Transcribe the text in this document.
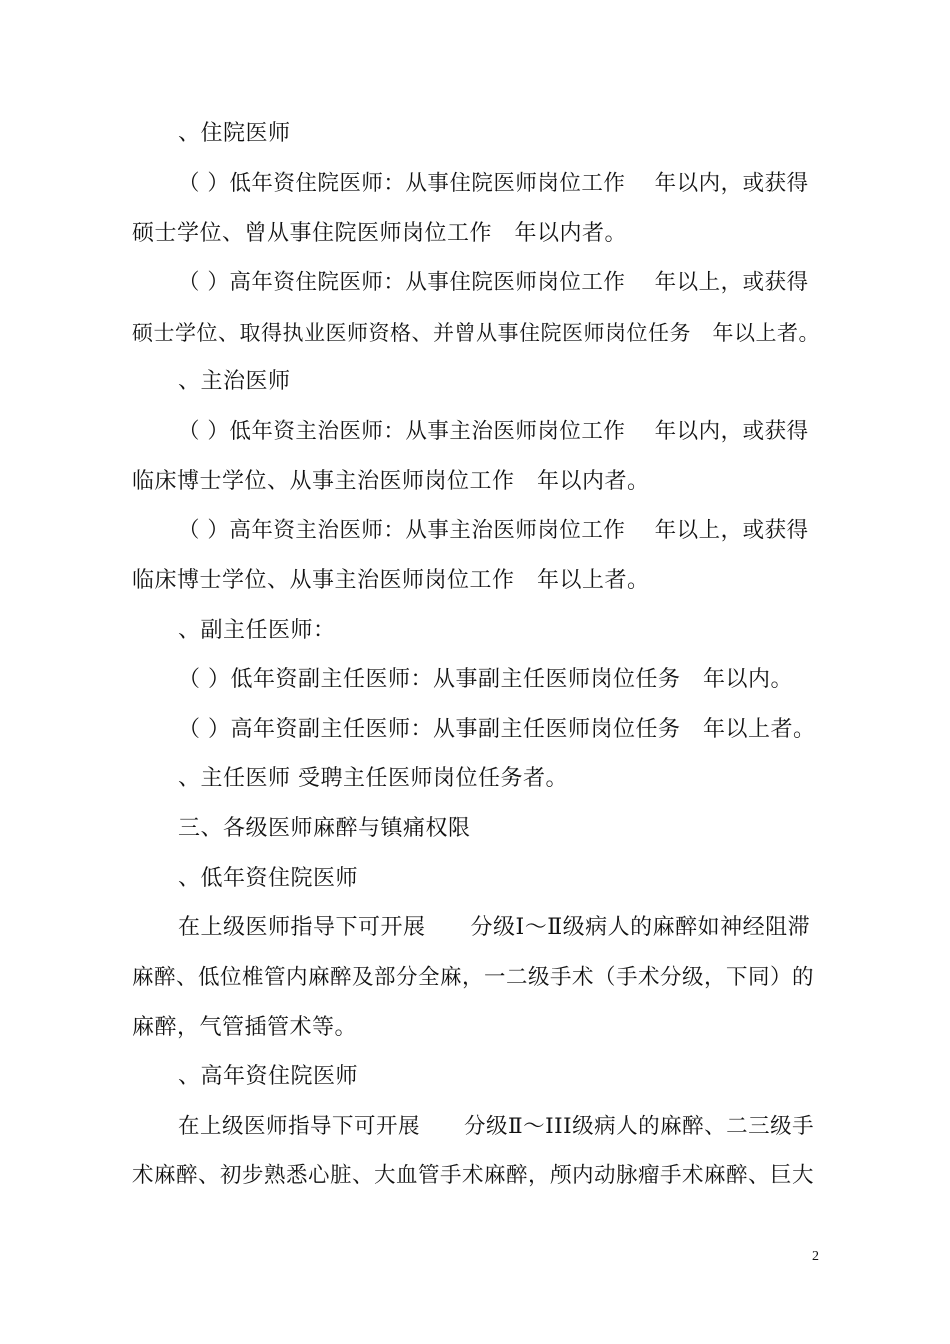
、住院医师
（ ）低年资住院医师：从事住院医师岗位工作　 年以内，或获得
硕士学位、曾从事住院医师岗位工作　年以内者。
（ ）高年资住院医师：从事住院医师岗位工作　 年以上，或获得
硕士学位、取得执业医师资格、并曾从事住院医师岗位任务　年以上者。
、主治医师
（ ）低年资主治医师：从事主治医师岗位工作　 年以内，或获得
临床博士学位、从事主治医师岗位工作　年以内者。
（ ）高年资主治医师：从事主治医师岗位工作　 年以上，或获得
临床博士学位、从事主治医师岗位工作　年以上者。
、副主任医师：
（ ）低年资副主任医师：从事副主任医师岗位任务　年以内。
（ ）高年资副主任医师：从事副主任医师岗位任务　年以上者。
、主任医师 受聘主任医师岗位任务者。
三、各级医师麻醉与镇痛权限
、低年资住院医师
在上级医师指导下可开展　　分级Ⅰ～Ⅱ级病人的麻醉如神经阻滞
麻醉、低位椎管内麻醉及部分全麻，一二级手术（手术分级，下同）的
麻醉，气管插管术等。
、高年资住院医师
在上级医师指导下可开展　　分级Ⅱ～III级病人的麻醉、二三级手
术麻醉、初步熟悉心脏、大血管手术麻醉，颅内动脉瘤手术麻醉、巨大
2
